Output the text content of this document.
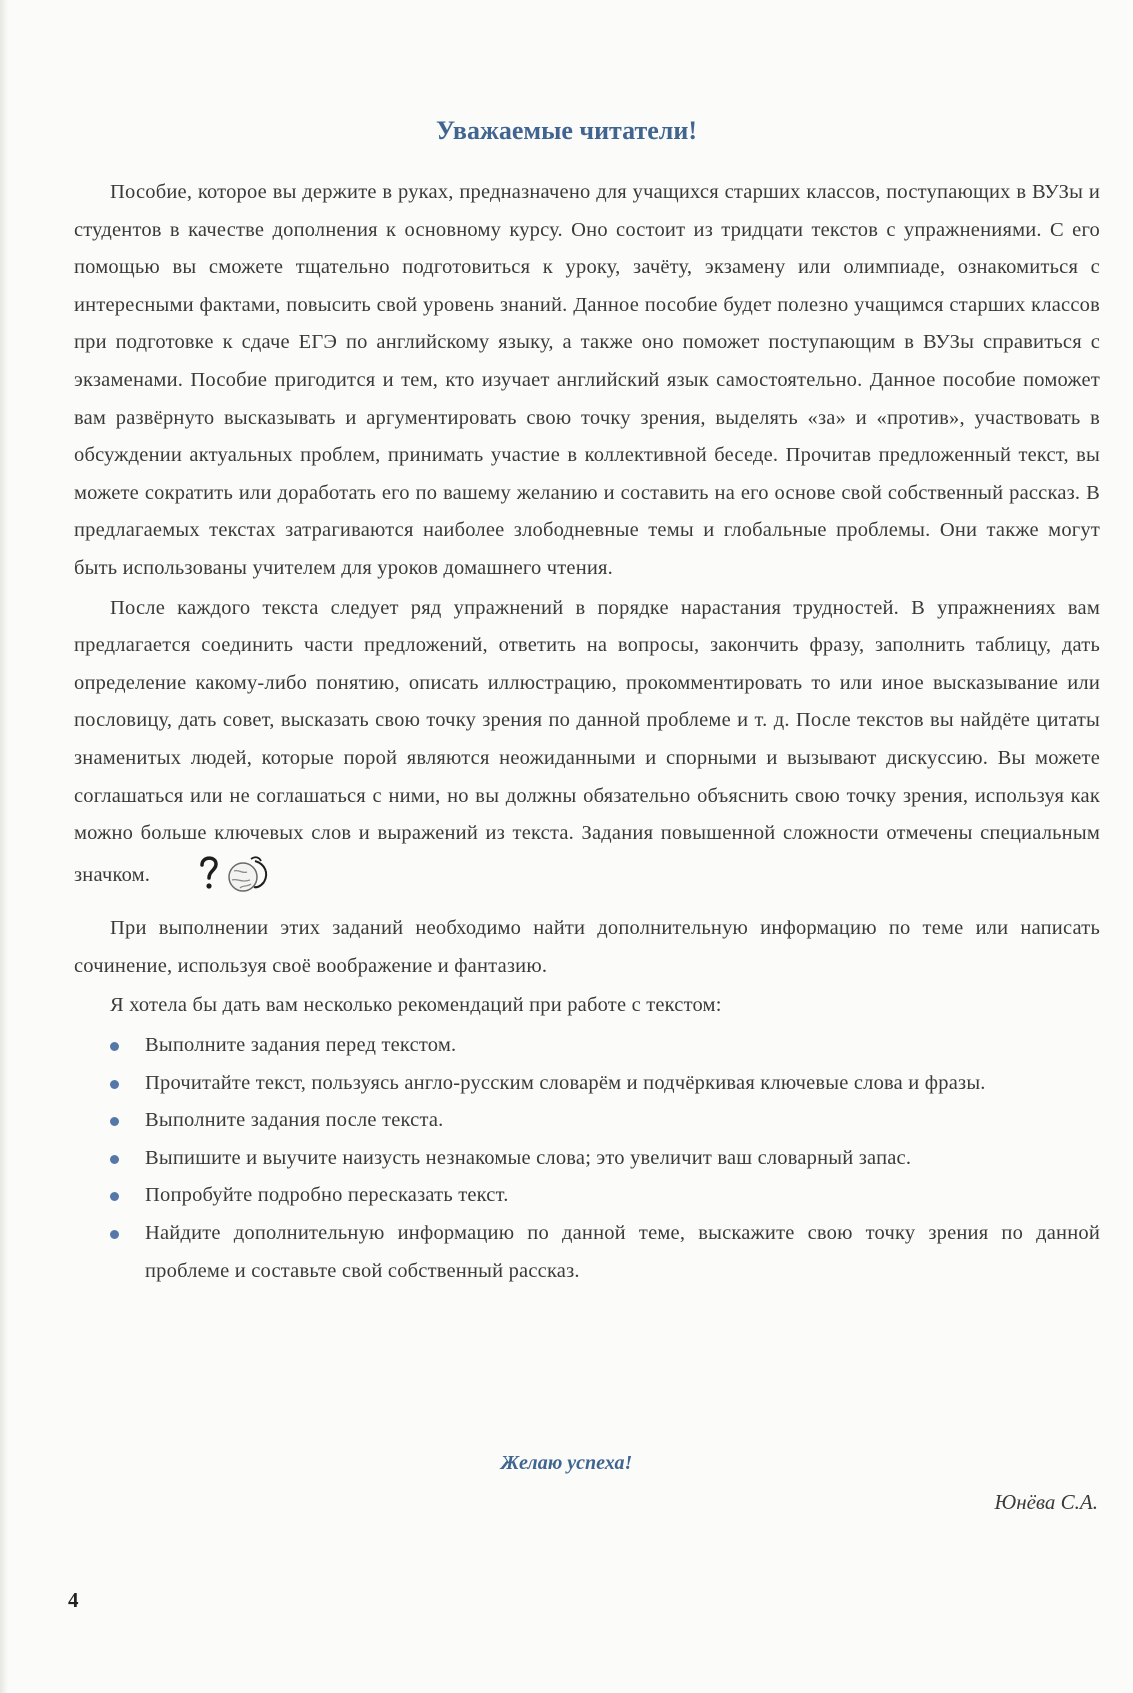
Уважаемые читатели!

Пособие, которое вы держите в руках, предназначено для учащихся старших классов, поступающих в ВУЗы и студентов в качестве дополнения к основному курсу. Оно состоит из тридцати текстов с упражнениями. С его помощью вы сможете тщательно подготовиться к уроку, зачёту, экзамену или олимпиаде, ознакомиться с интересными фактами, повысить свой уровень знаний. Данное пособие будет полезно учащимся старших классов при подготовке к сдаче ЕГЭ по английскому языку, а также оно поможет поступающим в ВУЗы справиться с экзаменами. Пособие пригодится и тем, кто изучает английский язык самостоятельно. Данное пособие поможет вам развёрнуто высказывать и аргументировать свою точку зрения, выделять «за» и «против», участвовать в обсуждении актуальных проблем, принимать участие в коллективной беседе. Прочитав предложенный текст, вы можете сократить или доработать его по вашему желанию и составить на его основе свой собственный рассказ. В предлагаемых текстах затрагиваются наиболее злободневные темы и глобальные проблемы. Они также могут быть использованы учителем для уроков домашнего чтения.

После каждого текста следует ряд упражнений в порядке нарастания трудностей. В упражнениях вам предлагается соединить части предложений, ответить на вопросы, закончить фразу, заполнить таблицу, дать определение какому-либо понятию, описать иллюстрацию, прокомментировать то или иное высказывание или пословицу, дать совет, высказать свою точку зрения по данной проблеме и т. д. После текстов вы найдёте цитаты знаменитых людей, которые порой являются неожиданными и спорными и вызывают дискуссию. Вы можете соглашаться или не соглашаться с ними, но вы должны обязательно объяснить свою точку зрения, используя как можно больше ключевых слов и выражений из текста. Задания повышенной сложности отмечены специальным значком.

При выполнении этих заданий необходимо найти дополнительную информацию по теме или написать сочинение, используя своё воображение и фантазию.

Я хотела бы дать вам несколько рекомендаций при работе с текстом:

Выполните задания перед текстом.
Прочитайте текст, пользуясь англо-русским словарём и подчёркивая ключевые слова и фразы.
Выполните задания после текста.
Выпишите и выучите наизусть незнакомые слова; это увеличит ваш словарный запас.
Попробуйте подробно пересказать текст.
Найдите дополнительную информацию по данной теме, выскажите свою точку зрения по данной проблеме и составьте свой собственный рассказ.
Желаю успеха!
Юнёва С.А.
4
